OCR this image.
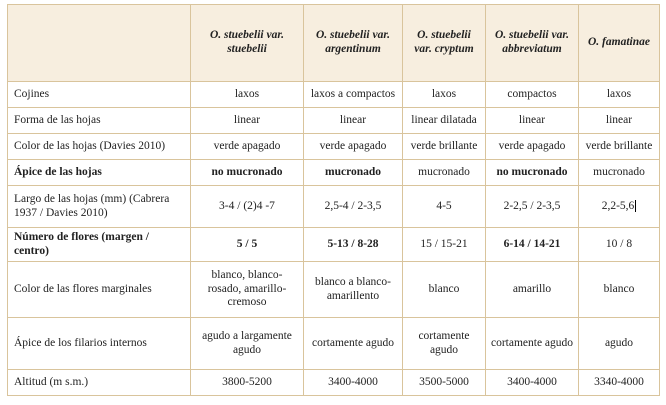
	O. stuebelii var. stuebelii	O. stuebelii var. argentinum	O. stuebelii var. cryptum	O. stuebelii var. abbreviatum	O. famatinae
Cojines	laxos	laxos a compactos	laxos	compactos	laxos
Forma de las hojas	linear	linear	linear dilatada	linear	linear
Color de las hojas (Davies 2010)	verde apagado	verde apagado	verde brillante	verde apagado	verde brillante
Ápice de las hojas	no mucronado	mucronado	mucronado	no mucronado	mucronado
Largo de las hojas (mm) (Cabrera 1937 / Davies 2010)	3-4 / (2)4 -7	2,5-4 / 2-3,5	4-5	2-2,5 / 2-3,5	2,2-5,6
Número de flores (margen / centro)	5 / 5	5-13 / 8-28	15 / 15-21	6-14 / 14-21	10 / 8
Color de las flores marginales	blanco, blanco-rosado, amarillo-cremoso	blanco a blanco-amarillento	blanco	amarillo	blanco
Ápice de los filarios internos	agudo a largamente agudo	cortamente agudo	cortamente agudo	cortamente agudo	agudo
Altitud (m s.m.)	3800-5200	3400-4000	3500-5000	3400-4000	3340-4000
